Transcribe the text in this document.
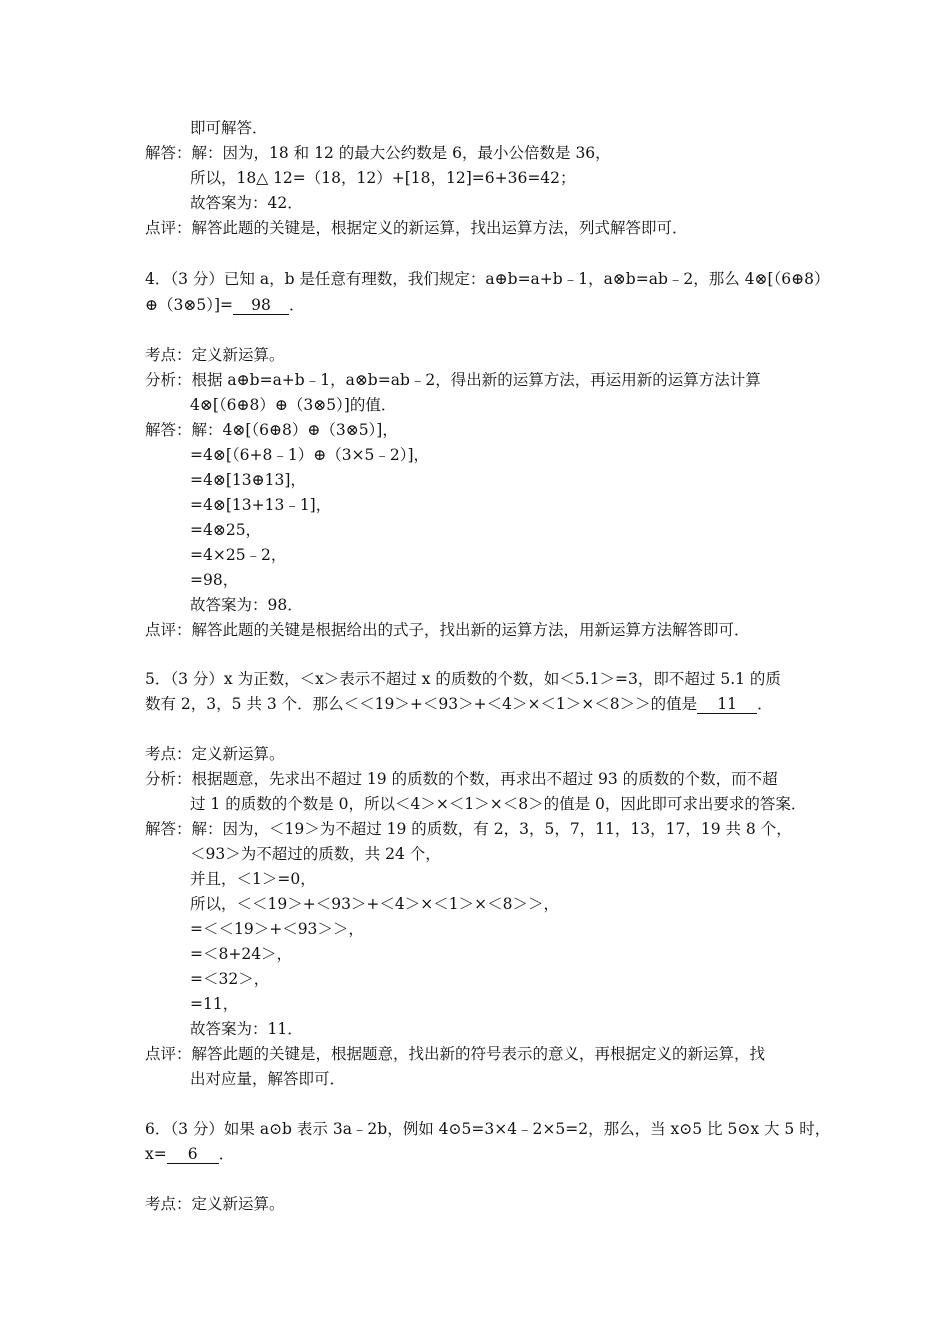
即可解答．
解答：解：因为，18 和 12 的最大公约数是 6，最小公倍数是 36，
所以，18△ 12=（18，12）+[18，12]=6+36=42；
故答案为：42．
点评：解答此题的关键是，根据定义的新运算，找出运算方法，列式解答即可．
4．（3 分）已知 a，b 是任意有理数，我们规定：a⊕b=a+b﹣1，a⊗b=ab﹣2，那么 4⊗[（6⊕8）
⊕（3⊗5）]= 98 ．
考点：定义新运算。
分析：根据 a⊕b=a+b﹣1，a⊗b=ab﹣2，得出新的运算方法，再运用新的运算方法计算
4⊗[（6⊕8）⊕（3⊗5）]的值．
解答：解：4⊗[（6⊕8）⊕（3⊗5）]，
=4⊗[（6+8﹣1）⊕（3×5﹣2）]，
=4⊗[13⊕13]，
=4⊗[13+13﹣1]，
=4⊗25，
=4×25﹣2，
=98，
故答案为：98．
点评：解答此题的关键是根据给出的式子，找出新的运算方法，用新运算方法解答即可．
5．（3 分）x 为正数，＜x＞表示不超过 x 的质数的个数，如＜5.1＞=3，即不超过 5.1 的质
数有 2，3，5 共 3 个．那么＜＜19＞+＜93＞+＜4＞×＜1＞×＜8＞＞的值是 11 ．
考点：定义新运算。
分析：根据题意，先求出不超过 19 的质数的个数，再求出不超过 93 的质数的个数，而不超
过 1 的质数的个数是 0，所以＜4＞×＜1＞×＜8＞的值是 0，因此即可求出要求的答案．
解答：解：因为，＜19＞为不超过 19 的质数，有 2，3，5，7，11，13，17，19 共 8 个，
＜93＞为不超过的质数，共 24 个，
并且，＜1＞=0，
所以，＜＜19＞+＜93＞+＜4＞×＜1＞×＜8＞＞，
=＜＜19＞+＜93＞＞，
=＜8+24＞，
=＜32＞，
=11，
故答案为：11．
点评：解答此题的关键是，根据题意，找出新的符号表示的意义，再根据定义的新运算，找
出对应量，解答即可．
6．（3 分）如果 a⊙b 表示 3a﹣2b，例如 4⊙5=3×4﹣2×5=2，那么，当 x⊙5 比 5⊙x 大 5 时，
x= 6 ．
考点：定义新运算。
